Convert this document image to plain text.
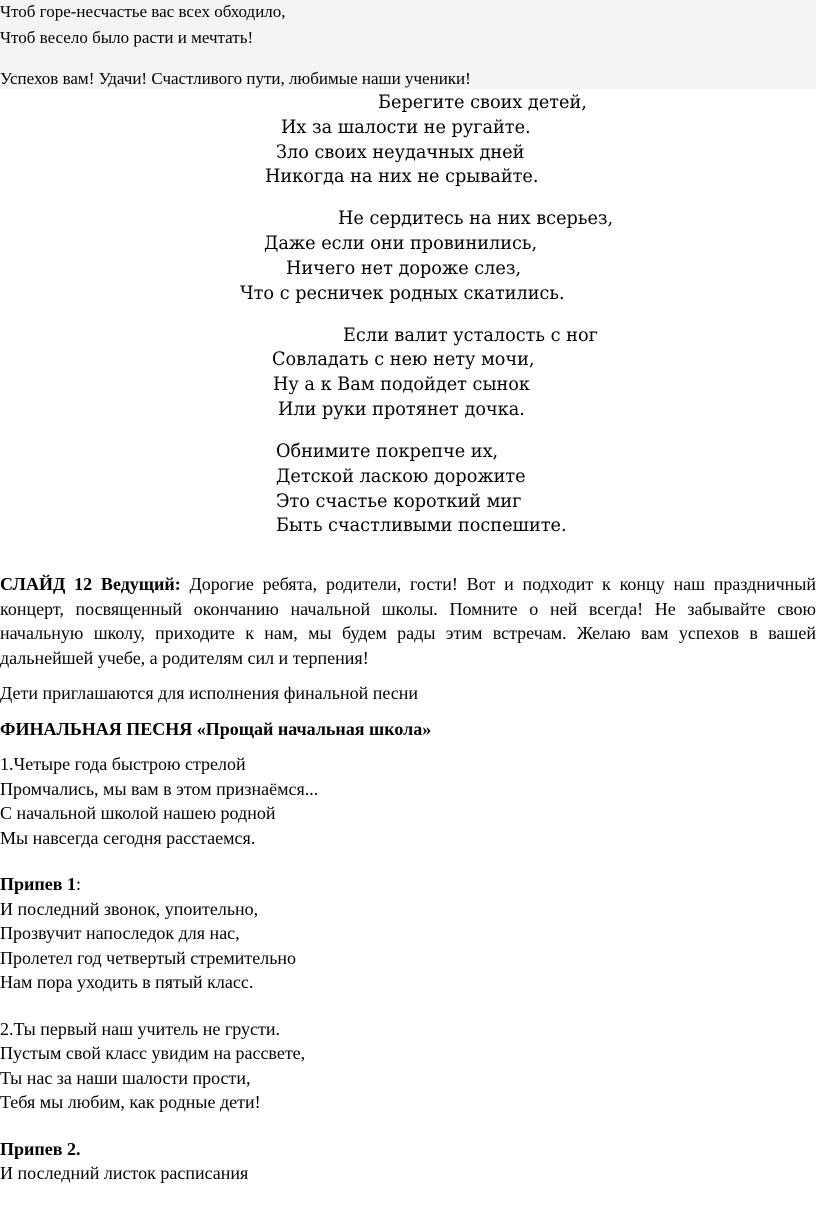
Чтоб горе-несчастье вас всех обходило,
Чтоб весело было расти и мечтать!
Успехов вам! Удачи! Счастливого пути, любимые наши ученики!
Берегите своих детей,
Их за шалости не ругайте.
Зло своих неудачных дней
Никогда на них не срывайте.
Не сердитесь на них всерьез,
Даже если они провинились,
Ничего нет дороже слез,
Что с ресничек родных скатились.
Если валит усталость с ног
Совладать с нею нету мочи,
Ну а к Вам подойдет сынок
Или руки протянет дочка.
Обнимите покрепче их,
Детской ласкою дорожите
Это счастье короткий миг
Быть счастливыми поспешите.

СЛАЙД 12 Ведущий: Дорогие ребята, родители, гости! Вот и подходит к концу наш праздничный концерт, посвященный окончанию начальной школы. Помните о ней всегда! Не забывайте свою начальную школу, приходите к нам, мы будем рады этим встречам. Желаю вам успехов в вашей дальнейшей учебе, а родителям сил и терпения!

Дети приглашаются для исполнения финальной песни

ФИНАЛЬНАЯ ПЕСНЯ «Прощай начальная школа»

1.Четыре года быстрою стрелой

Промчались, мы вам в этом признаёмся...

С начальной школой нашею родной

Мы навсегда сегодня расстаемся.

Припев 1:

И последний звонок, упоительно,

Прозвучит напоследок для нас,

Пролетел год четвертый стремительно

Нам пора уходить в пятый класс.

2.Ты первый наш учитель не грусти.

Пустым свой класс увидим на рассвете,

Ты нас за наши шалости прости,

Тебя мы любим, как родные дети!

Припев 2.

И последний листок расписания
